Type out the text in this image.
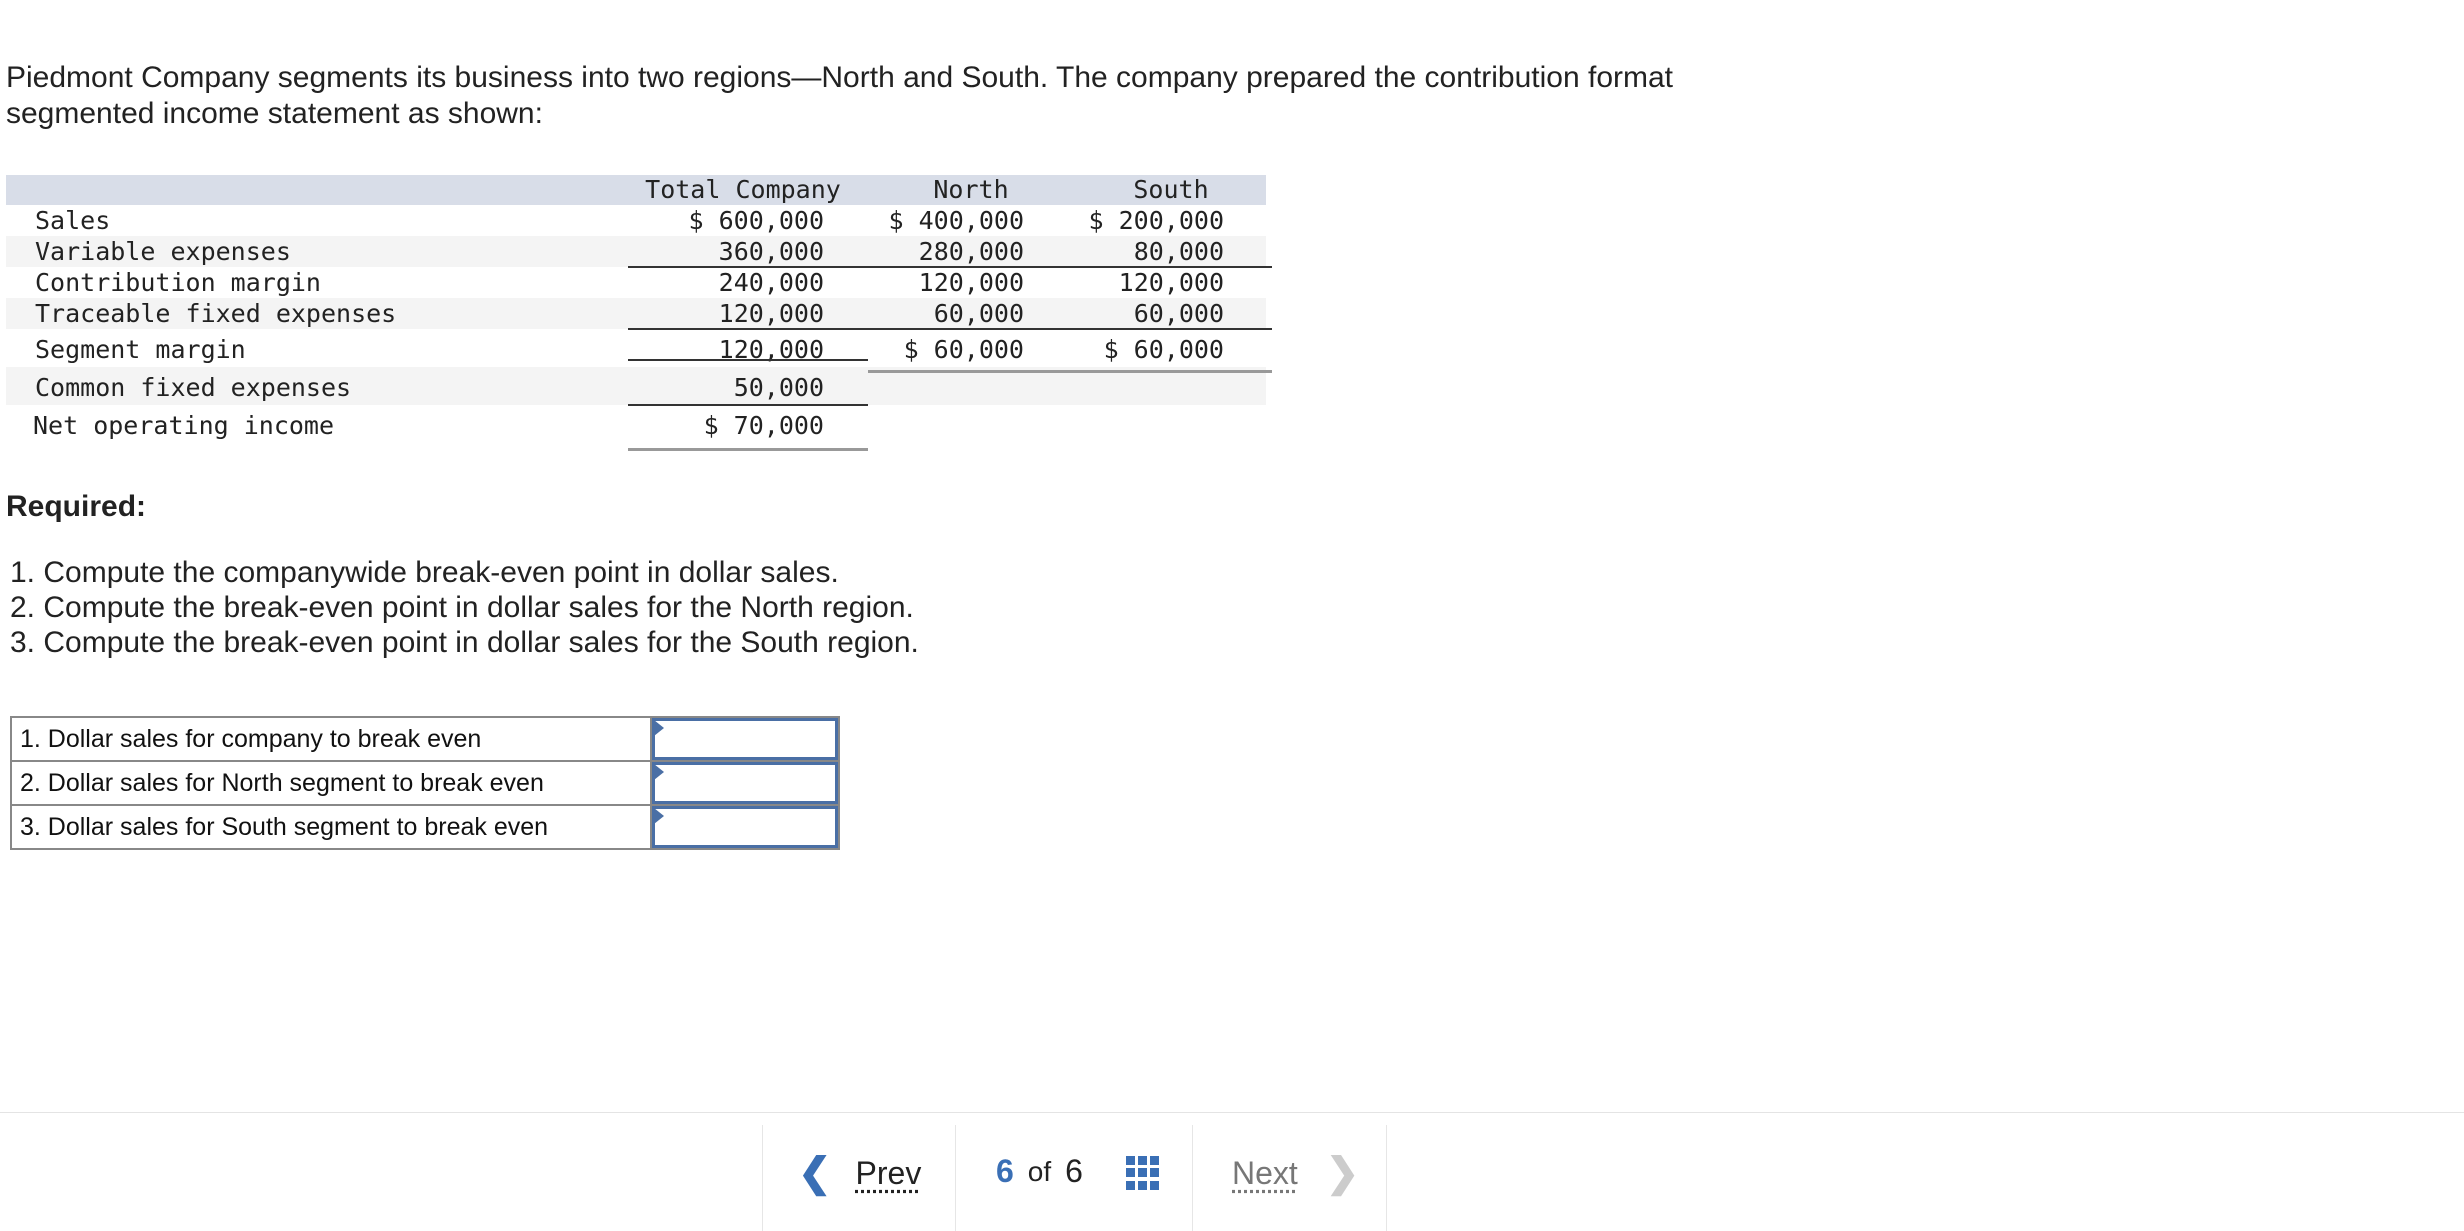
Piedmont Company segments its business into two regions—North and South. The company prepared the contribution format
segmented income statement as shown:
Total Company	North	South
Sales	$ 600,000	$ 400,000	$ 200,000
Variable expenses	360,000	280,000	80,000
Contribution margin	240,000	120,000	120,000
Traceable fixed expenses	120,000	60,000	60,000
Segment margin	120,000	$ 60,000	$ 60,000
Common fixed expenses	50,000
Net operating income	$ 70,000
Required:
1. Compute the companywide break-even point in dollar sales.
2. Compute the break-even point in dollar sales for the North region.
3. Compute the break-even point in dollar sales for the South region.
1. Dollar sales for company to break even	

2. Dollar sales for North segment to break even	

3. Dollar sales for South segment to break even	
❮ Prev 6 of 6	Next ❯
